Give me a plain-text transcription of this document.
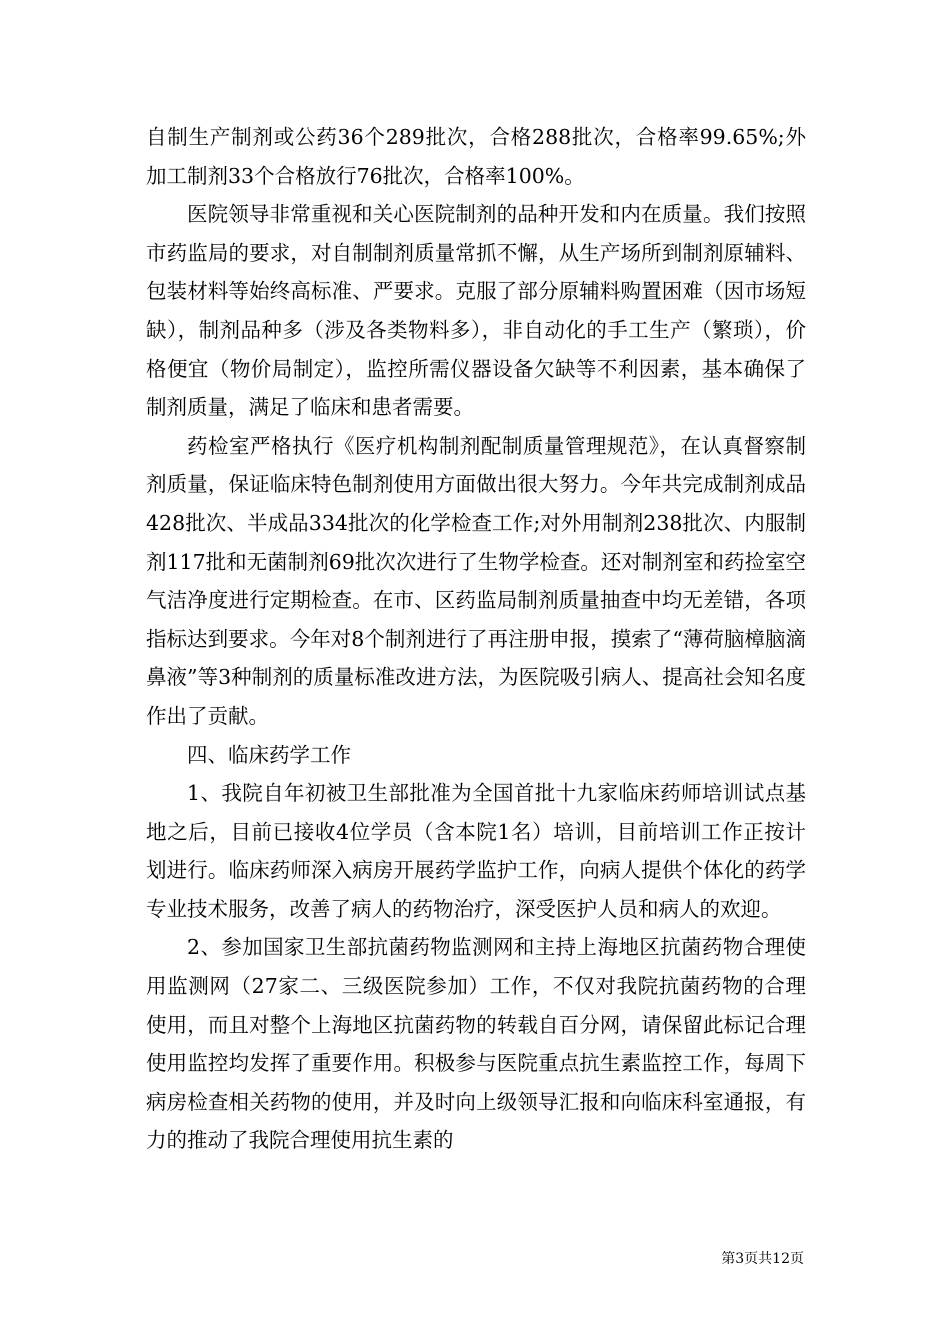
自制生产制剂或公药36个289批次，合格288批次，合格率99.65%;外加工制剂33个合格放行76批次，合格率100%。

医院领导非常重视和关心医院制剂的品种开发和内在质量。我们按照市药监局的要求，对自制制剂质量常抓不懈，从生产场所到制剂原辅料、包装材料等始终高标准、严要求。克服了部分原辅料购置困难（因市场短缺），制剂品种多（涉及各类物料多），非自动化的手工生产（繁琐），价格便宜（物价局制定），监控所需仪器设备欠缺等不利因素，基本确保了制剂质量，满足了临床和患者需要。

药检室严格执行《医疗机构制剂配制质量管理规范》，在认真督察制剂质量，保证临床特色制剂使用方面做出很大努力。今年共完成制剂成品428批次、半成品334批次的化学检查工作;对外用制剂238批次、内服制剂117批和无菌制剂69批次次进行了生物学检查。还对制剂室和药捡室空气洁净度进行定期检查。在市、区药监局制剂质量抽查中均无差错，各项指标达到要求。今年对8个制剂进行了再注册申报，摸索了“薄荷脑樟脑滴鼻液”等3种制剂的质量标准改进方法，为医院吸引病人、提高社会知名度作出了贡献。

四、临床药学工作

1、我院自年初被卫生部批准为全国首批十九家临床药师培训试点基地之后，目前已接收4位学员（含本院1名）培训，目前培训工作正按计划进行。临床药师深入病房开展药学监护工作，向病人提供个体化的药学专业技术服务，改善了病人的药物治疗，深受医护人员和病人的欢迎。

2、参加国家卫生部抗菌药物监测网和主持上海地区抗菌药物合理使用监测网（27家二、三级医院参加）工作，不仅对我院抗菌药物的合理使用，而且对整个上海地区抗菌药物的转载自百分网，请保留此标记合理使用监控均发挥了重要作用。积极参与医院重点抗生素监控工作，每周下病房检查相关药物的使用，并及时向上级领导汇报和向临床科室通报，有力的推动了我院合理使用抗生素的

第3页共12页
